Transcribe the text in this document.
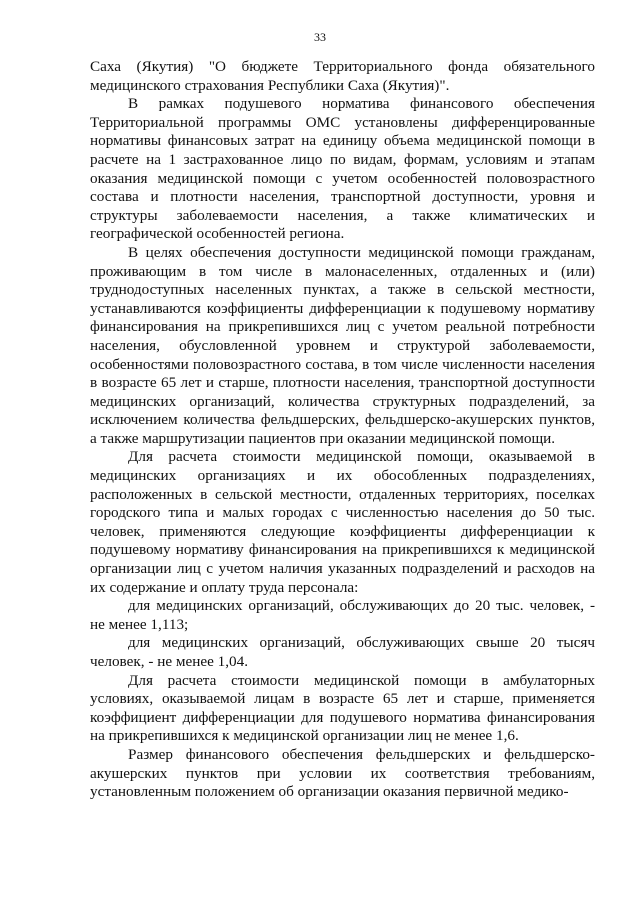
33

Саха (Якутия) "О бюджете Территориального фонда обязательного медицинского страхования Республики Саха (Якутия)".

В рамках подушевого норматива финансового обеспечения Территориальной программы ОМС установлены дифференцированные нормативы финансовых затрат на единицу объема медицинской помощи в расчете на 1 застрахованное лицо по видам, формам, условиям и этапам оказания медицинской помощи с учетом особенностей половозрастного состава и плотности населения, транспортной доступности, уровня и структуры заболеваемости населения, а также климатических и географической особенностей региона.

В целях обеспечения доступности медицинской помощи гражданам, проживающим в том числе в малонаселенных, отдаленных и (или) труднодоступных населенных пунктах, а также в сельской местности, устанавливаются коэффициенты дифференциации к подушевому нормативу финансирования на прикрепившихся лиц с учетом реальной потребности населения, обусловленной уровнем и структурой заболеваемости, особенностями половозрастного состава, в том числе численности населения в возрасте 65 лет и старше, плотности населения, транспортной доступности медицинских организаций, количества структурных подразделений, за исключением количества фельдшерских, фельдшерско-акушерских пунктов, а также маршрутизации пациентов при оказании медицинской помощи.

Для расчета стоимости медицинской помощи, оказываемой в медицинских организациях и их обособленных подразделениях, расположенных в сельской местности, отдаленных территориях, поселках городского типа и малых городах с численностью населения до 50 тыс. человек, применяются следующие коэффициенты дифференциации к подушевому нормативу финансирования на прикрепившихся к медицинской организации лиц с учетом наличия указанных подразделений и расходов на их содержание и оплату труда персонала:

для медицинских организаций, обслуживающих до 20 тыс. человек, - не менее 1,113;

для медицинских организаций, обслуживающих свыше 20 тысяч человек, - не менее 1,04.

Для расчета стоимости медицинской помощи в амбулаторных условиях, оказываемой лицам в возрасте 65 лет и старше, применяется коэффициент дифференциации для подушевого норматива финансирования на прикрепившихся к медицинской организации лиц не менее 1,6.

Размер финансового обеспечения фельдшерских и фельдшерско-акушерских пунктов при условии их соответствия требованиям, установленным положением об организации оказания первичной медико-
